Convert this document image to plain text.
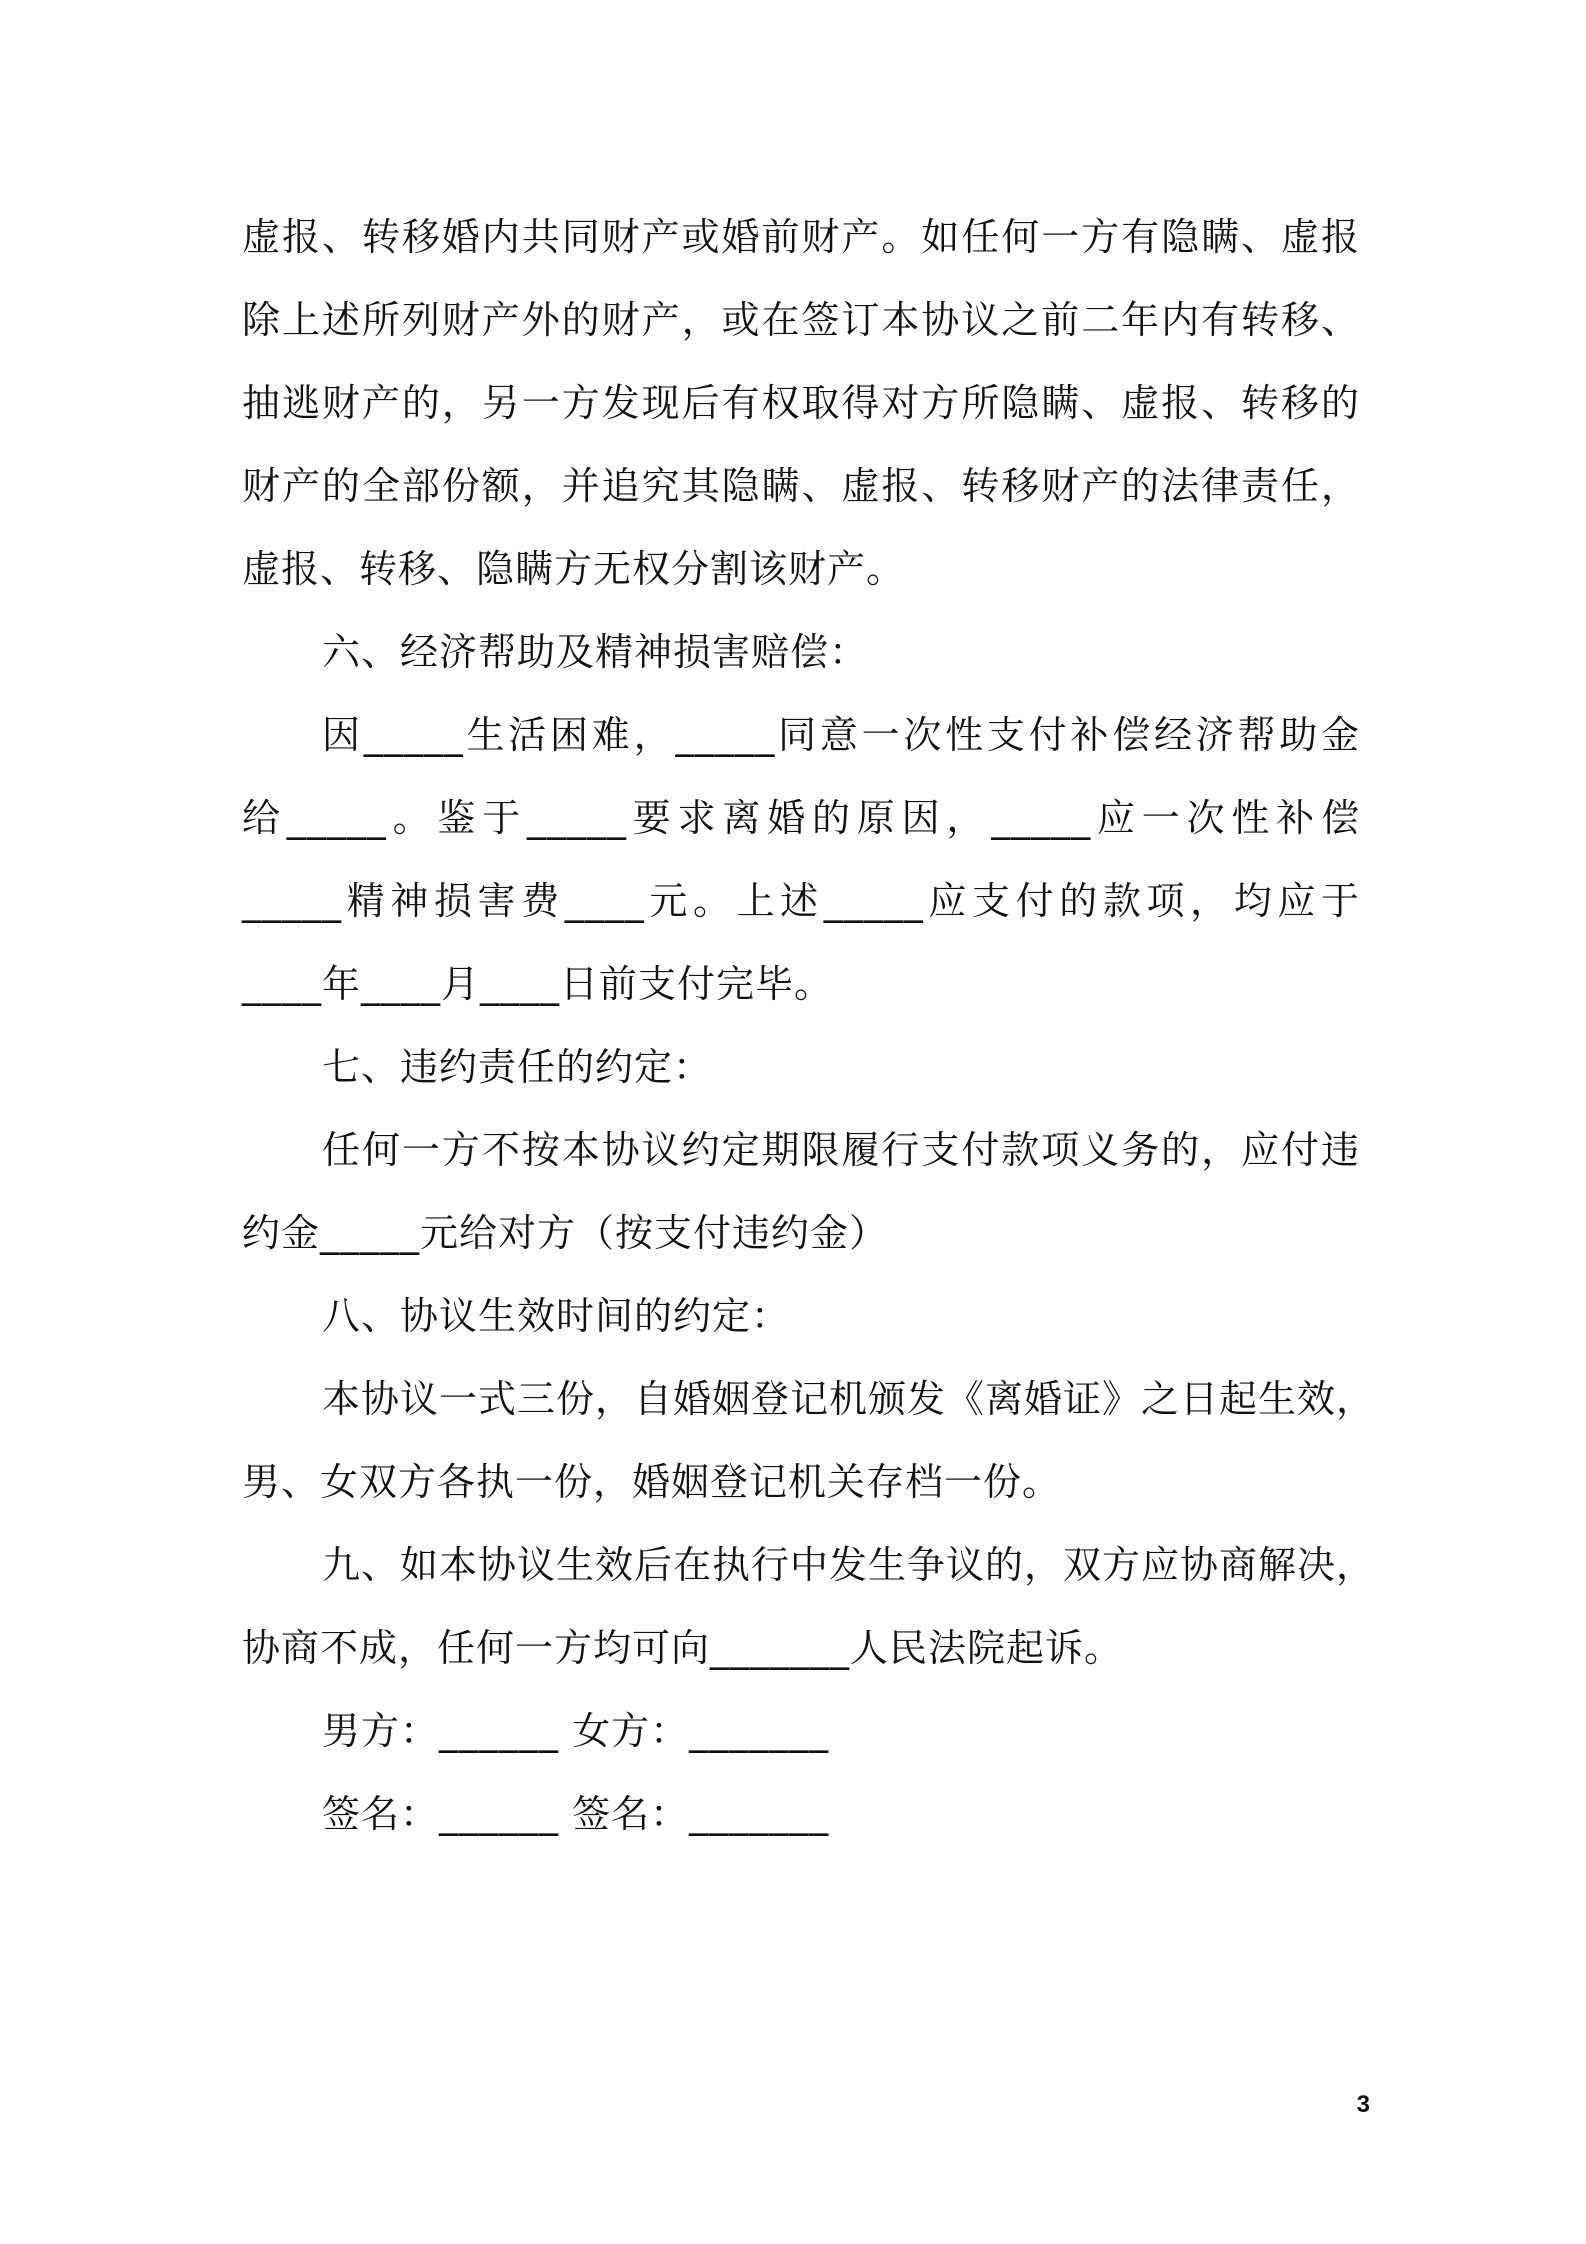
虚报、转移婚内共同财产或婚前财产。如任何一方有隐瞒、虚报
除上述所列财产外的财产，或在签订本协议之前二年内有转移、
抽逃财产的，另一方发现后有权取得对方所隐瞒、虚报、转移的
财产的全部份额，并追究其隐瞒、虚报、转移财产的法律责任，
虚报、转移、隐瞒方无权分割该财产。
六、经济帮助及精神损害赔偿：
因_____生活困难，_____同意一次性支付补偿经济帮助金
给_____。鉴于_____要求离婚的原因，_____应一次性补偿
_____精神损害费____元。上述_____应支付的款项，均应于
____年____月____日前支付完毕。
七、违约责任的约定：
任何一方不按本协议约定期限履行支付款项义务的，应付违
约金_____元给对方（按支付违约金）
八、协议生效时间的约定：
本协议一式三份，自婚姻登记机颁发《离婚证》之日起生效，
男、女双方各执一份，婚姻登记机关存档一份。
九、如本协议生效后在执行中发生争议的，双方应协商解决，
协商不成，任何一方均可向_______人民法院起诉。
男方：______ 女方：_______
签名：______ 签名：_______
3
